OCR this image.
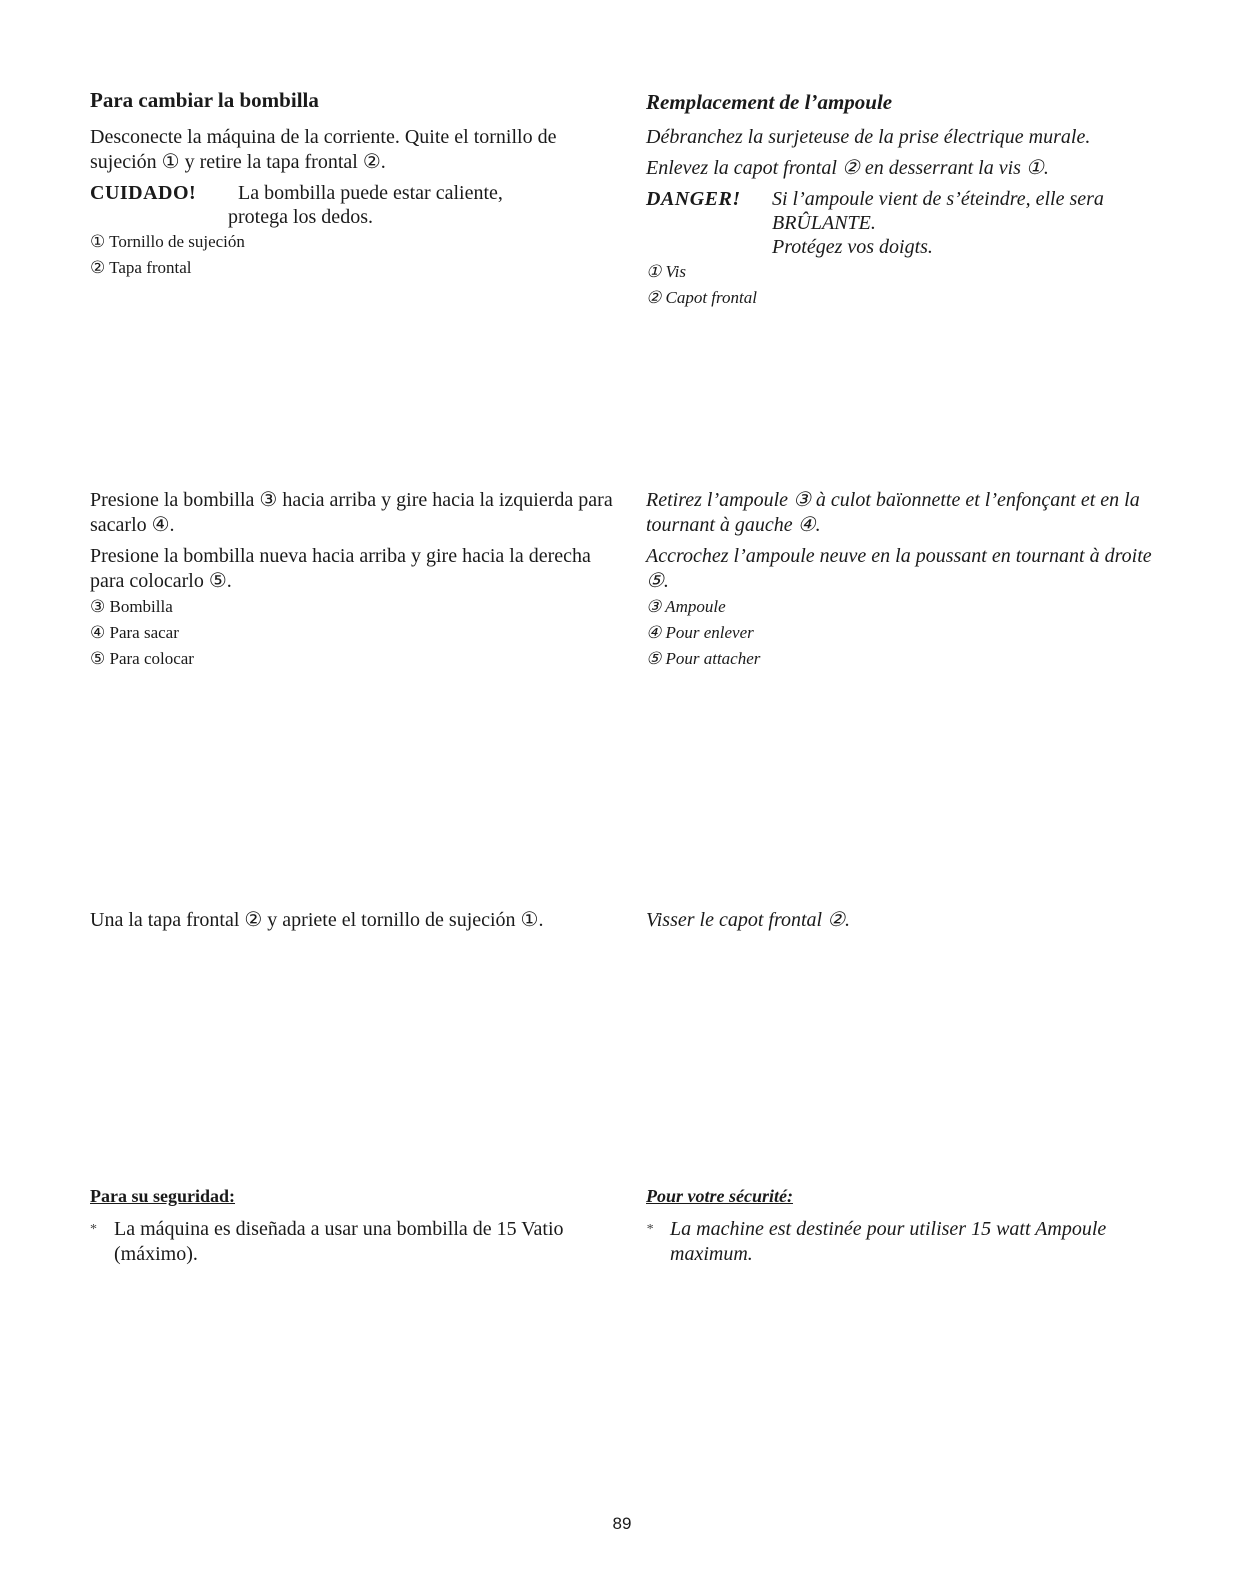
Para cambiar la bombilla

Desconecte la máquina de la corriente. Quite el tornillo de sujeción ① y retire la tapa frontal ②.

CUIDADO!	La bombilla puede estar caliente,

protega los dedos.

① Tornillo de sujeción
② Tapa frontal
Remplacement de l’ampoule

Débranchez la surjeteuse de la prise électrique murale.

Enlevez la capot frontal ② en desserrant la vis ①.

DANGER!	Si l’ampoule vient de s’éteindre, elle sera
BRÛLANTE.
Protégez vos doigts.
① Vis
② Capot frontal

Presione la bombilla ③ hacia arriba y gire hacia la izquierda para sacarlo ④.

Presione la bombilla nueva hacia arriba y gire hacia la derecha para colocarlo ⑤.

③ Bombilla
④ Para sacar
⑤ Para colocar

Retirez l’ampoule ③ à culot baïonnette et l’enfonçant et en la tournant à gauche ④.

Accrochez l’ampoule neuve en la poussant en tournant à droite ⑤.

③ Ampoule
④ Pour enlever
⑤ Pour attacher

Una la tapa frontal ② y apriete el tornillo de sujeción ①.	Visser le capot frontal ②.

Para su seguridad:

* La máquina es diseñada a usar una bombilla de 15 Vatio (máximo).

Pour votre sécurité:

* La machine est destinée pour utiliser 15 watt Ampoule maximum.
89
